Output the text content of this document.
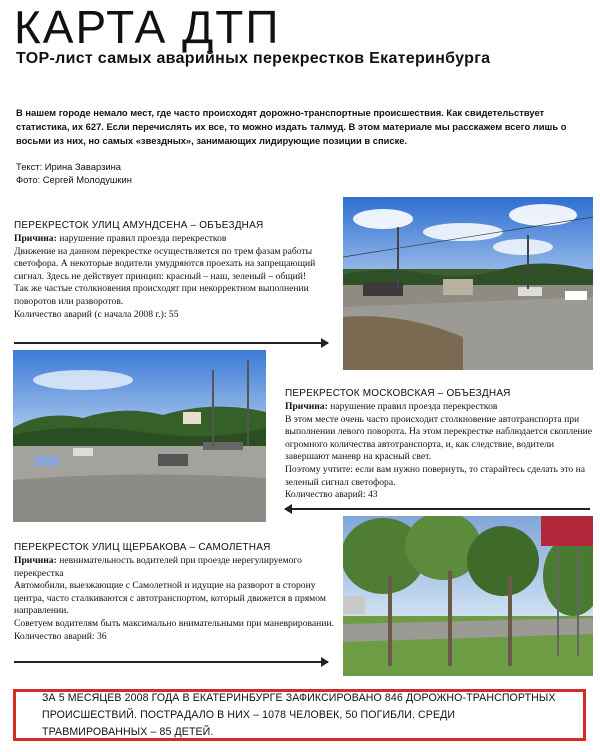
КАРТА ДТП
TOP-лист самых аварийных перекрестков Екатеринбурга
В нашем городе немало мест, где часто происходят дорожно-транспортные происшествия. Как свидетельствует статистика, их 627. Если перечислять их все, то можно издать талмуд. В этом материале мы расскажем всего лишь о восьми из них, но самых «звездных», занимающих лидирующие позиции в списке.
Текст: Ирина Заварзина
Фото: Сергей Молодушкин
ПЕРЕКРЕСТОК УЛИЦ АМУНДСЕНА – ОБЪЕЗДНАЯ

Причина: нарушение правил проезда перекрестков

Движение на данном перекрестке осуществляется по трем фазам работы светофора. А некоторые водители умудряются проехать на запрещающий сигнал. Здесь не действует принцип: красный – наш, зеленый – общий!

Так же частые столкновения происходят при некорректном выполнении поворотов или разворотов.

Количество аварий (с начала 2008 г.): 55

ПЕРЕКРЕСТОК МОСКОВСКАЯ – ОБЪЕЗДНАЯ

Причина: нарушение правил проезда перекрестков

В этом месте очень часто происходит столкновение автотранспорта при выполнении левого поворота. На этом перекрестке наблюдается скопление огромного количества автотранспорта, и, как следствие, водители завершают маневр на красный свет.

Поэтому учтите: если вам нужно повернуть, то старайтесь сделать это на зеленый сигнал светофора.

Количество аварий: 43

ПЕРЕКРЕСТОК УЛИЦ ЩЕРБАКОВА – САМОЛЕТНАЯ

Причина: невнимательность водителей при проезде нерегулируемого перекрестка

Автомобили, выезжающие с Самолетной и идущие на разворот в сторону центра, часто сталкиваются с автотранспортом, который движется в прямом направлении.

Советуем водителям быть максимально внимательными при маневрировании.

Количество аварий: 36

ЗА 5 МЕСЯЦЕВ 2008 ГОДА В ЕКАТЕРИНБУРГЕ ЗАФИКСИРОВАНО 846 ДОРОЖНО-ТРАНСПОРТНЫХ ПРОИСШЕСТВИЙ. ПОСТРАДАЛО В НИХ – 1078 ЧЕЛОВЕК, 50 ПОГИБЛИ. СРЕДИ ТРАВМИРОВАННЫХ – 85 ДЕТЕЙ.
